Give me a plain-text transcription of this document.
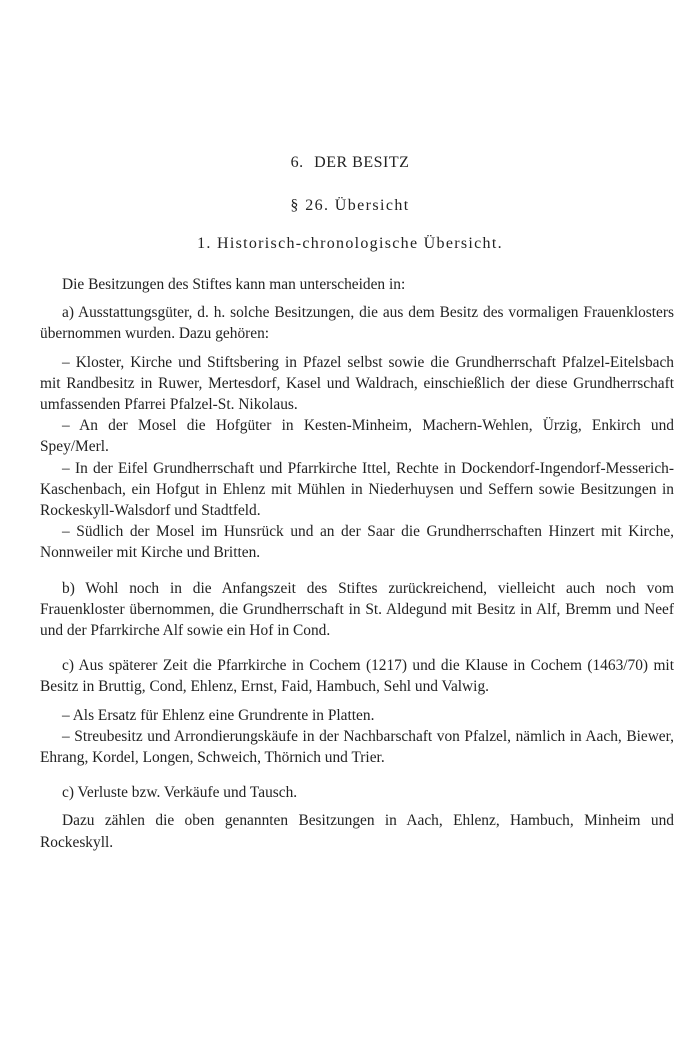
6. DER BESITZ
§ 26. Übersicht
1. Historisch-chronologische Übersicht.

Die Besitzungen des Stiftes kann man unterscheiden in:

a) Ausstattungsgüter, d. h. solche Besitzungen, die aus dem Besitz des vormaligen Frauenklosters übernommen wurden. Dazu gehören:

– Kloster, Kirche und Stiftsbering in Pfazel selbst sowie die Grundherrschaft Pfalzel-Eitelsbach mit Randbesitz in Ruwer, Mertesdorf, Kasel und Waldrach, einschießlich der diese Grundherrschaft umfassenden Pfarrei Pfalzel-St. Nikolaus.

– An der Mosel die Hofgüter in Kesten-Minheim, Machern-Wehlen, Ürzig, Enkirch und Spey/Merl.

– In der Eifel Grundherrschaft und Pfarrkirche Ittel, Rechte in Dockendorf-Ingendorf-Messerich-Kaschenbach, ein Hofgut in Ehlenz mit Mühlen in Niederhuysen und Seffern sowie Besitzungen in Rockeskyll-Walsdorf und Stadtfeld.

– Südlich der Mosel im Hunsrück und an der Saar die Grundherrschaften Hinzert mit Kirche, Nonnweiler mit Kirche und Britten.

b) Wohl noch in die Anfangszeit des Stiftes zurückreichend, vielleicht auch noch vom Frauenkloster übernommen, die Grundherrschaft in St. Aldegund mit Besitz in Alf, Bremm und Neef und der Pfarrkirche Alf sowie ein Hof in Cond.

c) Aus späterer Zeit die Pfarrkirche in Cochem (1217) und die Klause in Cochem (1463/70) mit Besitz in Bruttig, Cond, Ehlenz, Ernst, Faid, Hambuch, Sehl und Valwig.

– Als Ersatz für Ehlenz eine Grundrente in Platten.

– Streubesitz und Arrondierungskäufe in der Nachbarschaft von Pfalzel, nämlich in Aach, Biewer, Ehrang, Kordel, Longen, Schweich, Thörnich und Trier.

c) Verluste bzw. Verkäufe und Tausch.

Dazu zählen die oben genannten Besitzungen in Aach, Ehlenz, Hambuch, Minheim und Rockeskyll.
